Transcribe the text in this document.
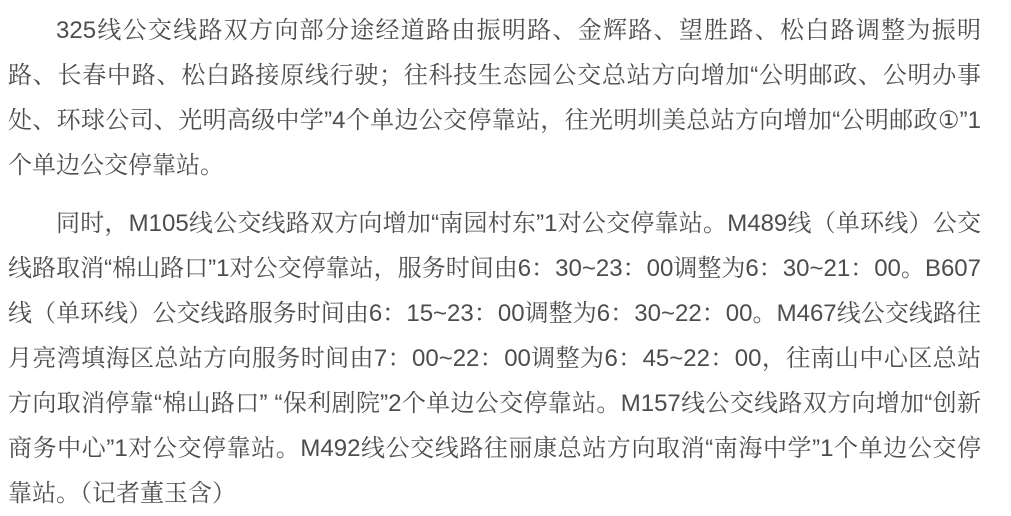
325线公交线路双方向部分途经道路由振明路、金辉路、望胜路、松白路调整为振明路、长春中路、松白路接原线行驶；往科技生态园公交总站方向增加“公明邮政、公明办事处、环球公司、光明高级中学”4个单边公交停靠站，往光明圳美总站方向增加“公明邮政①”1个单边公交停靠站。

同时，M105线公交线路双方向增加“南园村东”1对公交停靠站。M489线（单环线）公交线路取消“棉山路口”1对公交停靠站，服务时间由6：30~23：00调整为6：30~21：00。B607线（单环线）公交线路服务时间由6：15~23：00调整为6：30~22：00。M467线公交线路往月亮湾填海区总站方向服务时间由7：00~22：00调整为6：45~22：00，往南山中心区总站方向取消停靠“棉山路口” “保利剧院”2个单边公交停靠站。M157线公交线路双方向增加“创新商务中心”1对公交停靠站。M492线公交线路往丽康总站方向取消“南海中学”1个单边公交停靠站。（记者董玉含）
